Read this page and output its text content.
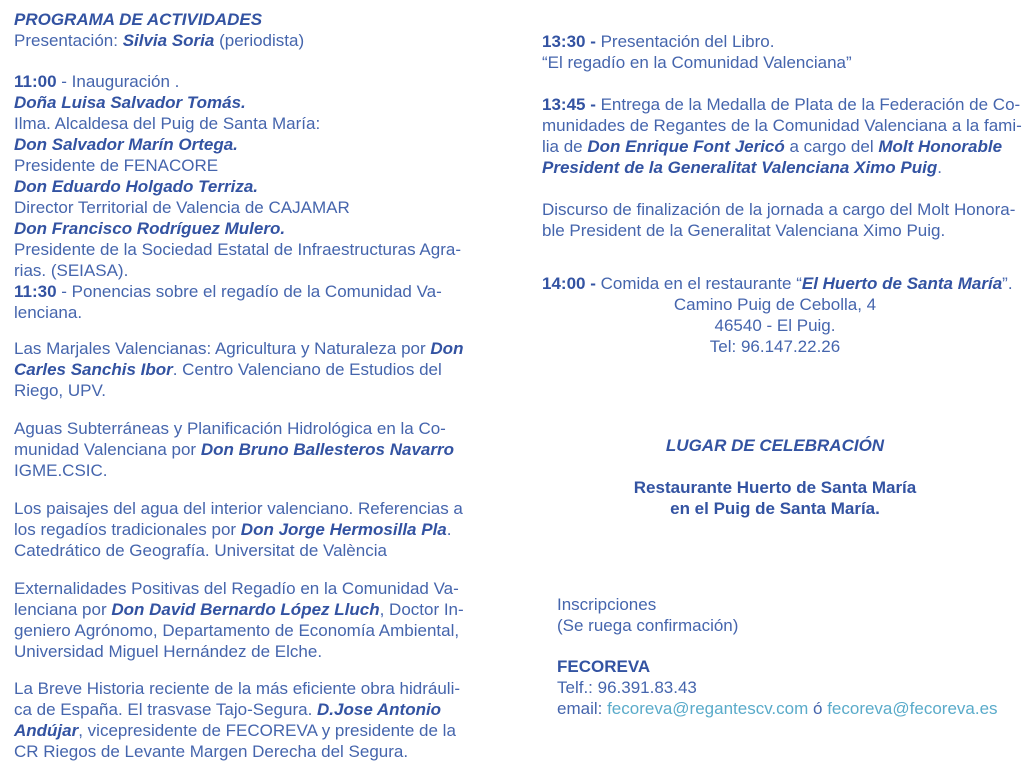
PROGRAMA DE ACTIVIDADES
Presentación: Silvia Soria (periodista)
11:00 - Inauguración .
Doña Luisa Salvador Tomás.
Ilma. Alcaldesa del Puig de Santa María:
Don Salvador Marín Ortega.
Presidente de FENACORE
Don Eduardo Holgado Terriza.
Director Territorial de Valencia de CAJAMAR
Don Francisco Rodríguez Mulero.
Presidente de la Sociedad Estatal de Infraestructuras Agra-
rias. (SEIASA).
11:30 - Ponencias sobre el regadío de la Comunidad Va-
lenciana.
Las Marjales Valencianas: Agricultura y Naturaleza por Don
Carles Sanchis Ibor. Centro Valenciano de Estudios del
Riego, UPV.
Aguas Subterráneas y Planificación Hidrológica en la Co-
munidad Valenciana por Don Bruno Ballesteros Navarro
IGME.CSIC.
Los paisajes del agua del interior valenciano. Referencias a
los regadíos tradicionales por Don Jorge Hermosilla Pla.
Catedrático de Geografía. Universitat de València
Externalidades Positivas del Regadío en la Comunidad Va-
lenciana por Don David Bernardo López Lluch, Doctor In-
geniero Agrónomo, Departamento de Economía Ambiental,
Universidad Miguel Hernández de Elche.
La Breve Historia reciente de la más eficiente obra hidráuli-
ca de España. El trasvase Tajo-Segura. D.Jose Antonio
Andújar, vicepresidente de FECOREVA y presidente de la
CR Riegos de Levante Margen Derecha del Segura.
13:30 - Presentación del Libro.
“El regadío en la Comunidad Valenciana”
13:45 - Entrega de la Medalla de Plata de la Federación de Co-
munidades de Regantes de la Comunidad Valenciana a la fami-
lia de Don Enrique Font Jericó a cargo del Molt Honorable
President de la Generalitat Valenciana Ximo Puig.
Discurso de finalización de la jornada a cargo del Molt Honora-
ble President de la Generalitat Valenciana Ximo Puig.
14:00 - Comida en el restaurante “El Huerto de Santa María”.
Camino Puig de Cebolla, 4
46540 - El Puig.
Tel: 96.147.22.26
LUGAR DE CELEBRACIÓN
Restaurante Huerto de Santa María
en el Puig de Santa María.
Inscripciones
(Se ruega confirmación)
FECOREVA
Telf.: 96.391.83.43
email: fecoreva@regantescv.com ó fecoreva@fecoreva.es
